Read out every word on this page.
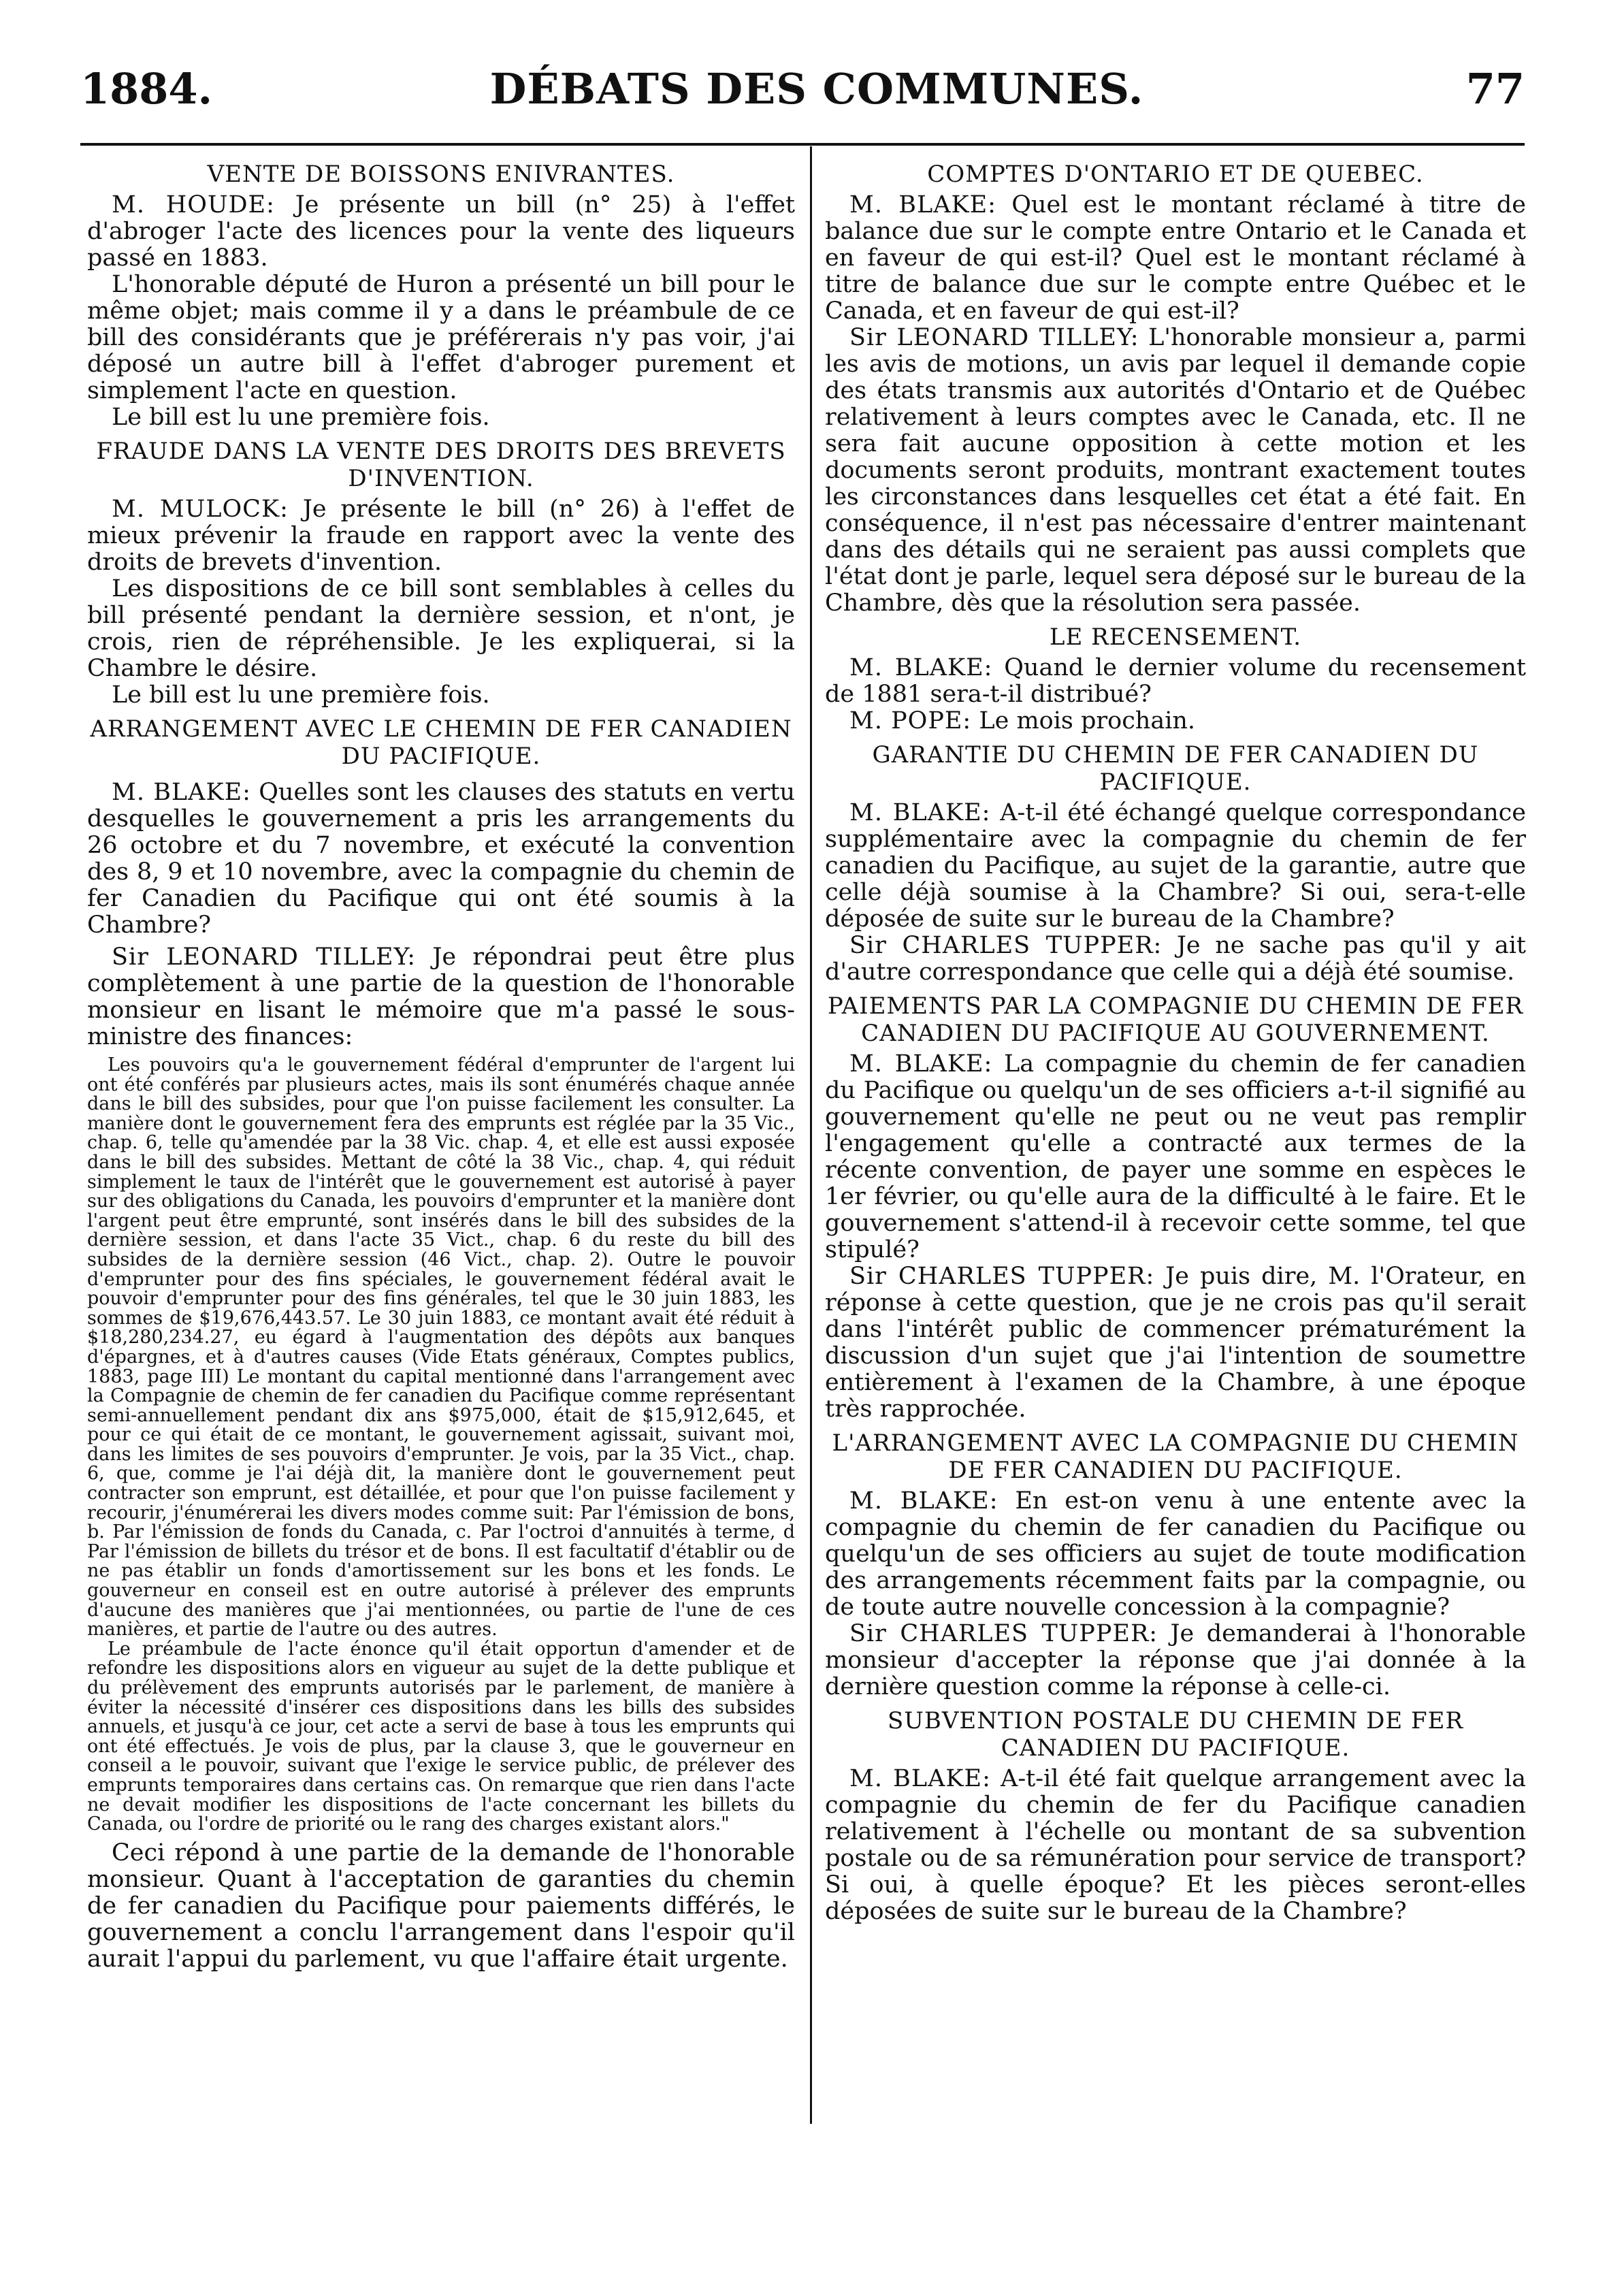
1884.	DÉBATS DES COMMUNES.	77
VENTE DE BOISSONS ENIVRANTES.

M. HOUDE: Je présente un bill (n° 25) à l'effet d'abroger l'acte des licences pour la vente des liqueurs passé en 1883.

L'honorable député de Huron a présenté un bill pour le même objet; mais comme il y a dans le préambule de ce bill des considérants que je préférerais n'y pas voir, j'ai déposé un autre bill à l'effet d'abroger purement et simplement l'acte en question.

Le bill est lu une première fois.

FRAUDE DANS LA VENTE DES DROITS DES BREVETS D'INVENTION.

M. MULOCK: Je présente le bill (n° 26) à l'effet de mieux prévenir la fraude en rapport avec la vente des droits de brevets d'invention.

Les dispositions de ce bill sont semblables à celles du bill présenté pendant la dernière session, et n'ont, je crois, rien de répréhensible. Je les expliquerai, si la Chambre le désire.

Le bill est lu une première fois.

ARRANGEMENT AVEC LE CHEMIN DE FER CANADIEN DU PACIFIQUE.

M. BLAKE: Quelles sont les clauses des statuts en vertu desquelles le gouvernement a pris les arrangements du 26 octobre et du 7 novembre, et exécuté la convention des 8, 9 et 10 novembre, avec la compagnie du chemin de fer Canadien du Pacifique qui ont été soumis à la Chambre?

Sir LEONARD TILLEY: Je répondrai peut être plus complètement à une partie de la question de l'honorable monsieur en lisant le mémoire que m'a passé le sous-ministre des finances:

Les pouvoirs qu'a le gouvernement fédéral d'emprunter de l'argent lui ont été conférés par plusieurs actes, mais ils sont énumérés chaque année dans le bill des subsides, pour que l'on puisse facilement les consulter. La manière dont le gouvernement fera des emprunts est réglée par la 35 Vic., chap. 6, telle qu'amendée par la 38 Vic. chap. 4, et elle est aussi exposée dans le bill des subsides. Mettant de côté la 38 Vic., chap. 4, qui réduit simplement le taux de l'intérêt que le gouvernement est autorisé à payer sur des obligations du Canada, les pouvoirs d'emprunter et la manière dont l'argent peut être emprunté, sont insérés dans le bill des subsides de la dernière session, et dans l'acte 35 Vict., chap. 6 du reste du bill des subsides de la dernière session (46 Vict., chap. 2). Outre le pouvoir d'emprunter pour des fins spéciales, le gouvernement fédéral avait le pouvoir d'emprunter pour des fins générales, tel que le 30 juin 1883, les sommes de $19,676,443.57. Le 30 juin 1883, ce montant avait été réduit à $18,280,234.27, eu égard à l'augmentation des dépôts aux banques d'épargnes, et à d'autres causes (Vide Etats généraux, Comptes publics, 1883, page III) Le montant du capital mentionné dans l'arrangement avec la Compagnie de chemin de fer canadien du Pacifique comme représentant semi-annuellement pendant dix ans $975,000, était de $15,912,645, et pour ce qui était de ce montant, le gouvernement agissait, suivant moi, dans les limites de ses pouvoirs d'emprunter. Je vois, par la 35 Vict., chap. 6, que, comme je l'ai déjà dit, la manière dont le gouvernement peut contracter son emprunt, est détaillée, et pour que l'on puisse facilement y recourir, j'énumérerai les divers modes comme suit: Par l'émission de bons, b. Par l'émission de fonds du Canada, c. Par l'octroi d'annuités à terme, d Par l'émission de billets du trésor et de bons. Il est facultatif d'établir ou de ne pas établir un fonds d'amortissement sur les bons et les fonds. Le gouverneur en conseil est en outre autorisé à prélever des emprunts d'aucune des manières que j'ai mentionnées, ou partie de l'une de ces manières, et partie de l'autre ou des autres.

Le préambule de l'acte énonce qu'il était opportun d'amender et de refondre les dispositions alors en vigueur au sujet de la dette publique et du prélèvement des emprunts autorisés par le parlement, de manière à éviter la nécessité d'insérer ces dispositions dans les bills des subsides annuels, et jusqu'à ce jour, cet acte a servi de base à tous les emprunts qui ont été effectués. Je vois de plus, par la clause 3, que le gouverneur en conseil a le pouvoir, suivant que l'exige le service public, de prélever des emprunts temporaires dans certains cas. On remarque que rien dans l'acte ne devait modifier les dispositions de l'acte concernant les billets du Canada, ou l'ordre de priorité ou le rang des charges existant alors."

Ceci répond à une partie de la demande de l'honorable monsieur. Quant à l'acceptation de garanties du chemin de fer canadien du Pacifique pour paiements différés, le gouvernement a conclu l'arrangement dans l'espoir qu'il aurait l'appui du parlement, vu que l'affaire était urgente.

COMPTES D'ONTARIO ET DE QUEBEC.

M. BLAKE: Quel est le montant réclamé à titre de balance due sur le compte entre Ontario et le Canada et en faveur de qui est-il? Quel est le montant réclamé à titre de balance due sur le compte entre Québec et le Canada, et en faveur de qui est-il?

Sir LEONARD TILLEY: L'honorable monsieur a, parmi les avis de motions, un avis par lequel il demande copie des états transmis aux autorités d'Ontario et de Québec relativement à leurs comptes avec le Canada, etc. Il ne sera fait aucune opposition à cette motion et les documents seront produits, montrant exactement toutes les circonstances dans lesquelles cet état a été fait. En conséquence, il n'est pas nécessaire d'entrer maintenant dans des détails qui ne seraient pas aussi complets que l'état dont je parle, lequel sera déposé sur le bureau de la Chambre, dès que la résolution sera passée.

LE RECENSEMENT.

M. BLAKE: Quand le dernier volume du recensement de 1881 sera-t-il distribué?

M. POPE: Le mois prochain.

GARANTIE DU CHEMIN DE FER CANADIEN DU PACIFIQUE.

M. BLAKE: A-t-il été échangé quelque correspondance supplémentaire avec la compagnie du chemin de fer canadien du Pacifique, au sujet de la garantie, autre que celle déjà soumise à la Chambre? Si oui, sera-t-elle déposée de suite sur le bureau de la Chambre?

Sir CHARLES TUPPER: Je ne sache pas qu'il y ait d'autre correspondance que celle qui a déjà été soumise.

PAIEMENTS PAR LA COMPAGNIE DU CHEMIN DE FER CANADIEN DU PACIFIQUE AU GOUVERNEMENT.

M. BLAKE: La compagnie du chemin de fer canadien du Pacifique ou quelqu'un de ses officiers a-t-il signifié au gouvernement qu'elle ne peut ou ne veut pas remplir l'engagement qu'elle a contracté aux termes de la récente convention, de payer une somme en espèces le 1er février, ou qu'elle aura de la difficulté à le faire. Et le gouvernement s'attend-il à recevoir cette somme, tel que stipulé?

Sir CHARLES TUPPER: Je puis dire, M. l'Orateur, en réponse à cette question, que je ne crois pas qu'il serait dans l'intérêt public de commencer prématurément la discussion d'un sujet que j'ai l'intention de soumettre entièrement à l'examen de la Chambre, à une époque très rapprochée.

L'ARRANGEMENT AVEC LA COMPAGNIE DU CHEMIN DE FER CANADIEN DU PACIFIQUE.

M. BLAKE: En est-on venu à une entente avec la compagnie du chemin de fer canadien du Pacifique ou quelqu'un de ses officiers au sujet de toute modification des arrangements récemment faits par la compagnie, ou de toute autre nouvelle concession à la compagnie?

Sir CHARLES TUPPER: Je demanderai à l'honorable monsieur d'accepter la réponse que j'ai donnée à la dernière question comme la réponse à celle-ci.

SUBVENTION POSTALE DU CHEMIN DE FER CANADIEN DU PACIFIQUE.

M. BLAKE: A-t-il été fait quelque arrangement avec la compagnie du chemin de fer du Pacifique canadien relativement à l'échelle ou montant de sa subvention postale ou de sa rémunération pour service de transport? Si oui, à quelle époque? Et les pièces seront-elles déposées de suite sur le bureau de la Chambre?
